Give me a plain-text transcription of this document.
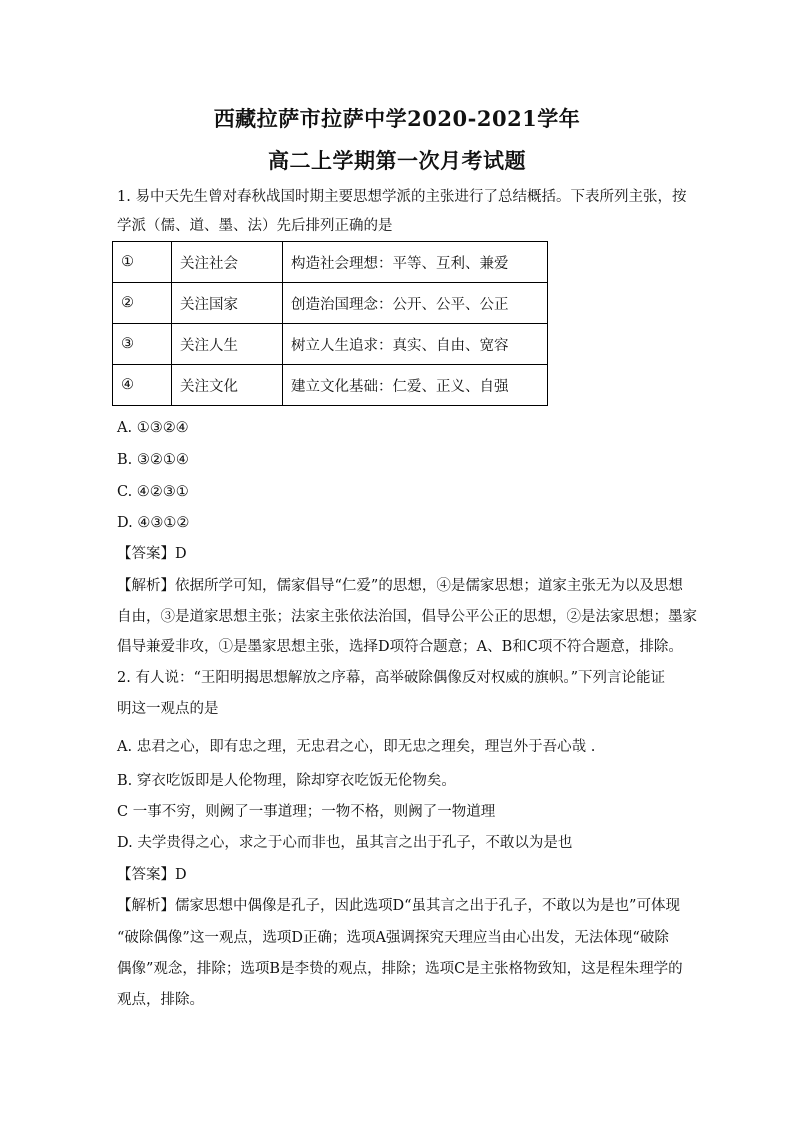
西藏拉萨市拉萨中学2020-2021学年
高二上学期第一次月考试题
1. 易中天先生曾对春秋战国时期主要思想学派的主张进行了总结概括。下表所列主张，按
学派（儒、道、墨、法）先后排列正确的是
①	关注社会	构造社会理想：平等、互利、兼爱
②	关注国家	创造治国理念：公开、公平、公正
③	关注人生	树立人生追求：真实、自由、宽容
④	关注文化	建立文化基础：仁爱、正义、自强
A. ①③②④
B. ③②①④
C. ④②③①
D. ④③①②
【答案】D
【解析】依据所学可知，儒家倡导“仁爱”的思想，④是儒家思想；道家主张无为以及思想
自由，③是道家思想主张；法家主张依法治国，倡导公平公正的思想，②是法家思想；墨家
倡导兼爱非攻，①是墨家思想主张，选择D项符合题意；A、B和C项不符合题意，排除。
2. 有人说：“王阳明揭思想解放之序幕，高举破除偶像反对权威的旗帜。”下列言论能证
明这一观点的是
A. 忠君之心，即有忠之理，无忠君之心，即无忠之理矣，理岂外于吾心哉 .
B. 穿衣吃饭即是人伦物理，除却穿衣吃饭无伦物矣。
C 一事不穷，则阙了一事道理；一物不格，则阙了一物道理
D. 夫学贵得之心，求之于心而非也，虽其言之出于孔子，不敢以为是也
【答案】D
【解析】儒家思想中偶像是孔子，因此选项D“虽其言之出于孔子，不敢以为是也”可体现
“破除偶像”这一观点，选项D正确；选项A强调探究天理应当由心出发，无法体现“破除
偶像”观念，排除；选项B是李贽的观点，排除；选项C是主张格物致知，这是程朱理学的
观点，排除。
